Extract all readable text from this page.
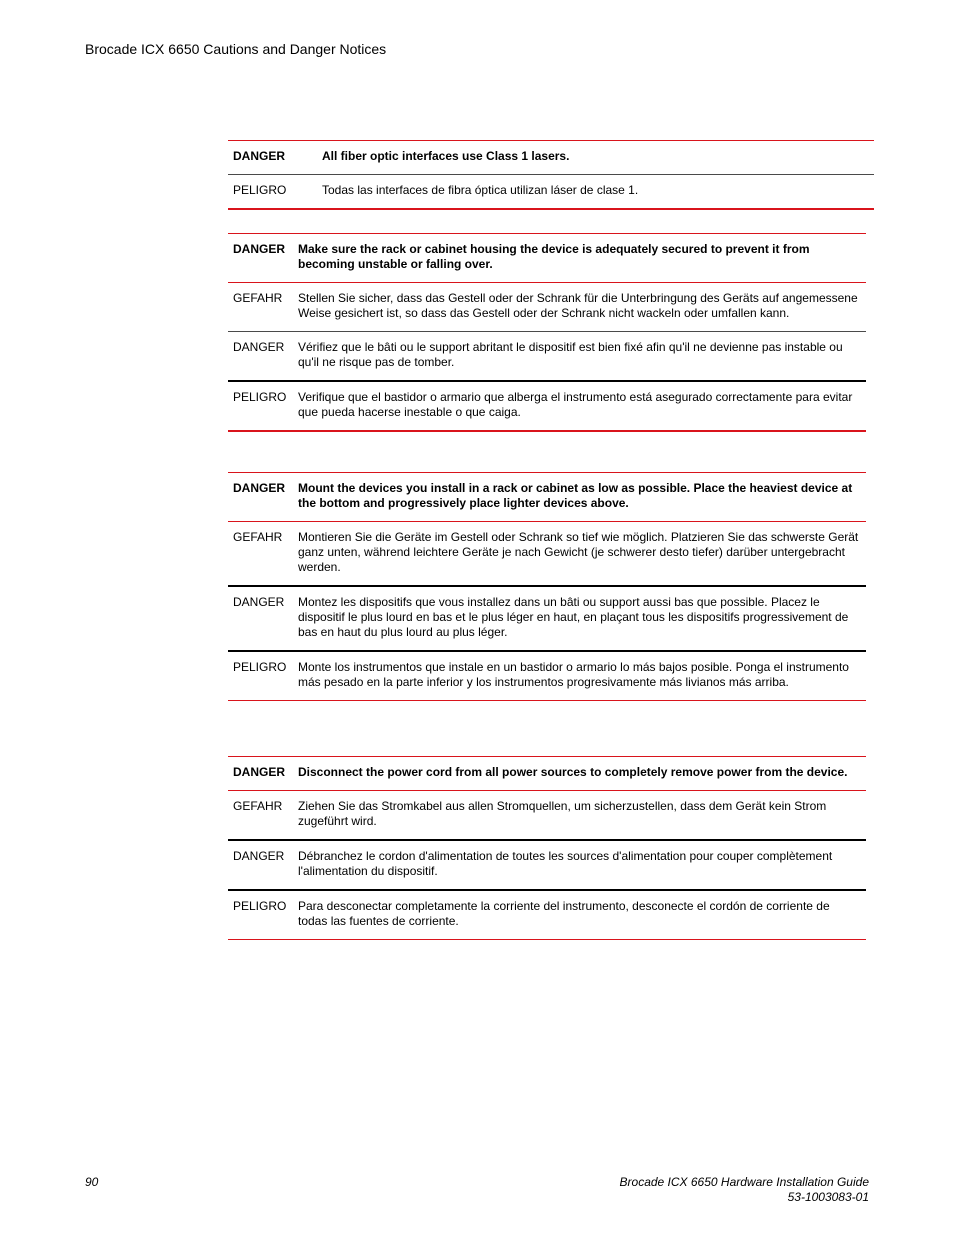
Brocade ICX 6650 Cautions and Danger Notices
DANGER	All fiber optic interfaces use Class 1 lasers.
PELIGRO	Todas las interfaces de fibra óptica utilizan láser de clase 1.
DANGER	Make sure the rack or cabinet housing the device is adequately secured to prevent it from becoming unstable or falling over.
GEFAHR	Stellen Sie sicher, dass das Gestell oder der Schrank für die Unterbringung des Geräts auf angemessene Weise gesichert ist, so dass das Gestell oder der Schrank nicht wackeln oder umfallen kann.
DANGER	Vérifiez que le bâti ou le support abritant le dispositif est bien fixé afin qu'il ne devienne pas instable ou qu'il ne risque pas de tomber.
PELIGRO Verifique que el bastidor o armario que alberga el instrumento está asegurado correctamente para evitar que pueda hacerse inestable o que caiga.
DANGER	Mount the devices you install in a rack or cabinet as low as possible. Place the heaviest device at the bottom and progressively place lighter devices above.
GEFAHR	Montieren Sie die Geräte im Gestell oder Schrank so tief wie möglich. Platzieren Sie das schwerste Gerät ganz unten, während leichtere Geräte je nach Gewicht (je schwerer desto tiefer) darüber untergebracht werden.
DANGER	Montez les dispositifs que vous installez dans un bâti ou support aussi bas que possible. Placez le dispositif le plus lourd en bas et le plus léger en haut, en plaçant tous les dispositifs progressivement de bas en haut du plus lourd au plus léger.
PELIGRO Monte los instrumentos que instale en un bastidor o armario lo más bajos posible. Ponga el instrumento más pesado en la parte inferior y los instrumentos progresivamente más livianos más arriba.
DANGER	Disconnect the power cord from all power sources to completely remove power from the device.
GEFAHR	Ziehen Sie das Stromkabel aus allen Stromquellen, um sicherzustellen, dass dem Gerät kein Strom zugeführt wird.
DANGER	Débranchez le cordon d'alimentation de toutes les sources d'alimentation pour couper complètement l'alimentation du dispositif.
PELIGRO Para desconectar completamente la corriente del instrumento, desconecte el cordón de corriente de todas las fuentes de corriente.
90	Brocade ICX 6650 Hardware Installation Guide
53-1003083-01
